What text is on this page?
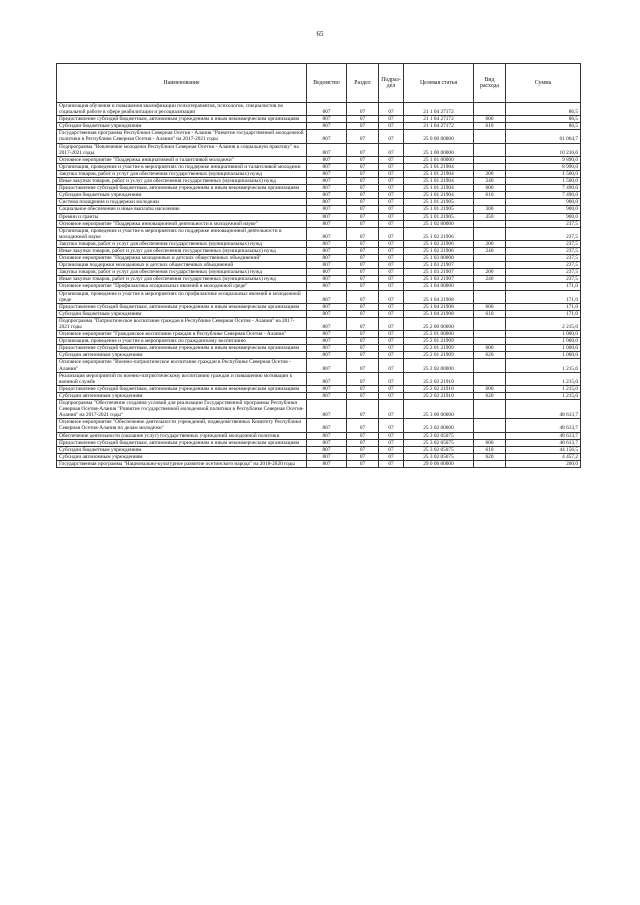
65
Наименование	Ведомство	Раздел	Подраз-дел	Целевая статья	Вид расхода	Сумма
Организация обучения и повышения квалификации психотерапевтов, психологов, специалистов по социальной работе в сфере реабилитации и ресоциализации	807	07	07	21 1 04 27172		86,5
Предоставление субсидий бюджетным, автономным учреждениям и иным некоммерческим организациям	807	07	07	21 1 04 27172	600	86,5
Субсидии бюджетным учреждениям	807	07	07	21 1 04 27172	610	86,5
Государственная программа Республики Северная Осетия - Алания "Развитие государственной молодежной политики в Республике Северная Осетия - Алания" на 2017-2021 годы	807	07	07	25 0 00 00000		61 064,7
Подпрограмма "Вовлечение молодежи Республики Северная Осетия - Алания в социальную практику" на 2017-2021 годы	807	07	07	25 1 00 00000		10 236,0
Основное мероприятие "Поддержка инициативной и талантливой молодежи"	807	07	07	25 1 01 00000		9 890,0
Организация, проведение и участие в мероприятиях по поддержке инициативной и талантливой молодежи	807	07	07	25 1 01 21904		8 990,0
Закупка товаров, работ и услуг для обеспечения государственных (муниципальных) нужд	807	07	07	25 1 01 21904	200	1 500,0
Иные закупки товаров, работ и услуг для обеспечения государственных (муниципальных) нужд	807	07	07	25 1 01 21904	240	1 500,0
Предоставление субсидий бюджетным, автономным учреждениям и иным некоммерческим организациям	807	07	07	25 1 01 21904	600	7 490,0
Субсидии бюджетным учреждениям	807	07	07	25 1 01 21904	610	7 490,0
Система поощрения и поддержки молодежи	807	07	07	25 1 01 21905		900,0
Социальное обеспечение и иные выплаты населению	807	07	07	25 1 01 21905	300	900,0
Премии и гранты	807	07	07	25 1 01 21905	350	900,0
Основное мероприятие "Поддержка инновационной деятельности в молодежной науке"	807	07	07	25 1 02 00000		237,5
Организация, проведение и участие в мероприятиях по поддержке инновационной деятельности в молодежной науке	807	07	07	25 1 02 21906		237,5
Закупка товаров, работ и услуг для обеспечения государственных (муниципальных) нужд	807	07	07	25 1 02 21906	200	237,5
Иные закупки товаров, работ и услуг для обеспечения государственных (муниципальных) нужд	807	07	07	25 1 02 21906	240	237,5
Основное мероприятие "Поддержка молодежных и детских общественных объединений"	807	07	07	25 1 03 00000		237,5
Организация поддержки молодежных и детских общественных объединений	807	07	07	25 1 03 21907		237,5
Закупка товаров, работ и услуг для обеспечения государственных (муниципальных) нужд	807	07	07	25 1 03 21907	200	237,5
Иные закупки товаров, работ и услуг для обеспечения государственных (муниципальных) нужд	807	07	07	25 1 03 21907	240	237,5
Основное мероприятие "Профилактика асоциальных явлений в молодежной среде"	807	07	07	25 1 04 00000		171,0
Организация, проведение и участие в мероприятиях по профилактике асоциальных явлений в молодежной среде	807	07	07	25 1 04 21908		171,0
Предоставление субсидий бюджетным, автономным учреждениям и иным некоммерческим организациям	807	07	07	25 1 04 21908	600	171,0
Субсидии бюджетным учреждениям	807	07	07	25 1 04 21908	610	171,0
Подпрограмма "Патриотическое воспитание граждан в Республике Северная Осетия - Алания" на 2017-2021 годы	807	07	07	25 2 00 00000		2 215,0
Основное мероприятие "Гражданское воспитание граждан в Республике Северная Осетия - Алания"	807	07	07	25 2 01 00000		1 000,0
Организация, проведение и участие в мероприятиях по гражданскому воспитанию	807	07	07	25 2 01 21909		1 000,0
Предоставление субсидий бюджетным, автономным учреждениям и иным некоммерческим организациям	807	07	07	25 2 01 21909	600	1 000,0
Субсидии автономным учреждениям	807	07	07	25 2 01 21909	620	1 000,0
Основное мероприятие "Военно-патриотическое воспитание граждан в Республике Северная Осетия - Алания"	807	07	07	25 2 02 00000		1 215,0
Реализация мероприятий по военно-патриотическому воспитанию граждан и повышению мотивации к военной службе	807	07	07	25 2 02 21910		1 215,0
Предоставление субсидий бюджетным, автономным учреждениям и иным некоммерческим организациям	807	07	07	25 2 02 21910	600	1 215,0
Субсидии автономным учреждениям	807	07	07	25 2 02 21910	620	1 215,0
Подпрограмма "Обеспечение создания условий для реализации Государственной программы Республики Северная Осетия-Алания "Развитие государственной молодежной политики в Республике Северная Осетия-Алания" на 2017-2021 годы"	807	07	07	25 3 00 00000		48 613,7
Основное мероприятие "Обеспечение деятельности учреждений, подведомственных Комитету Республики Северная Осетия-Алания по делам молодежи"	807	07	07	25 3 02 00000		48 613,7
Обеспечение деятельности (оказание услуг) государственных учреждений молодежной политики	807	07	07	25 3 02 05075		48 613,7
Предоставление субсидий бюджетным, автономным учреждениям и иным некоммерческим организациям	807	07	07	25 3 02 05075	600	48 613,7
Субсидии бюджетным учреждениям	807	07	07	25 3 02 05075	610	44 156,5
Субсидии автономным учреждениям	807	07	07	25 3 02 05075	620	4 457,2
Государственная программа "Национально-культурное развитие осетинского народа" на 2018-2020 годы	807	07	07	29 0 00 00000		200,0
